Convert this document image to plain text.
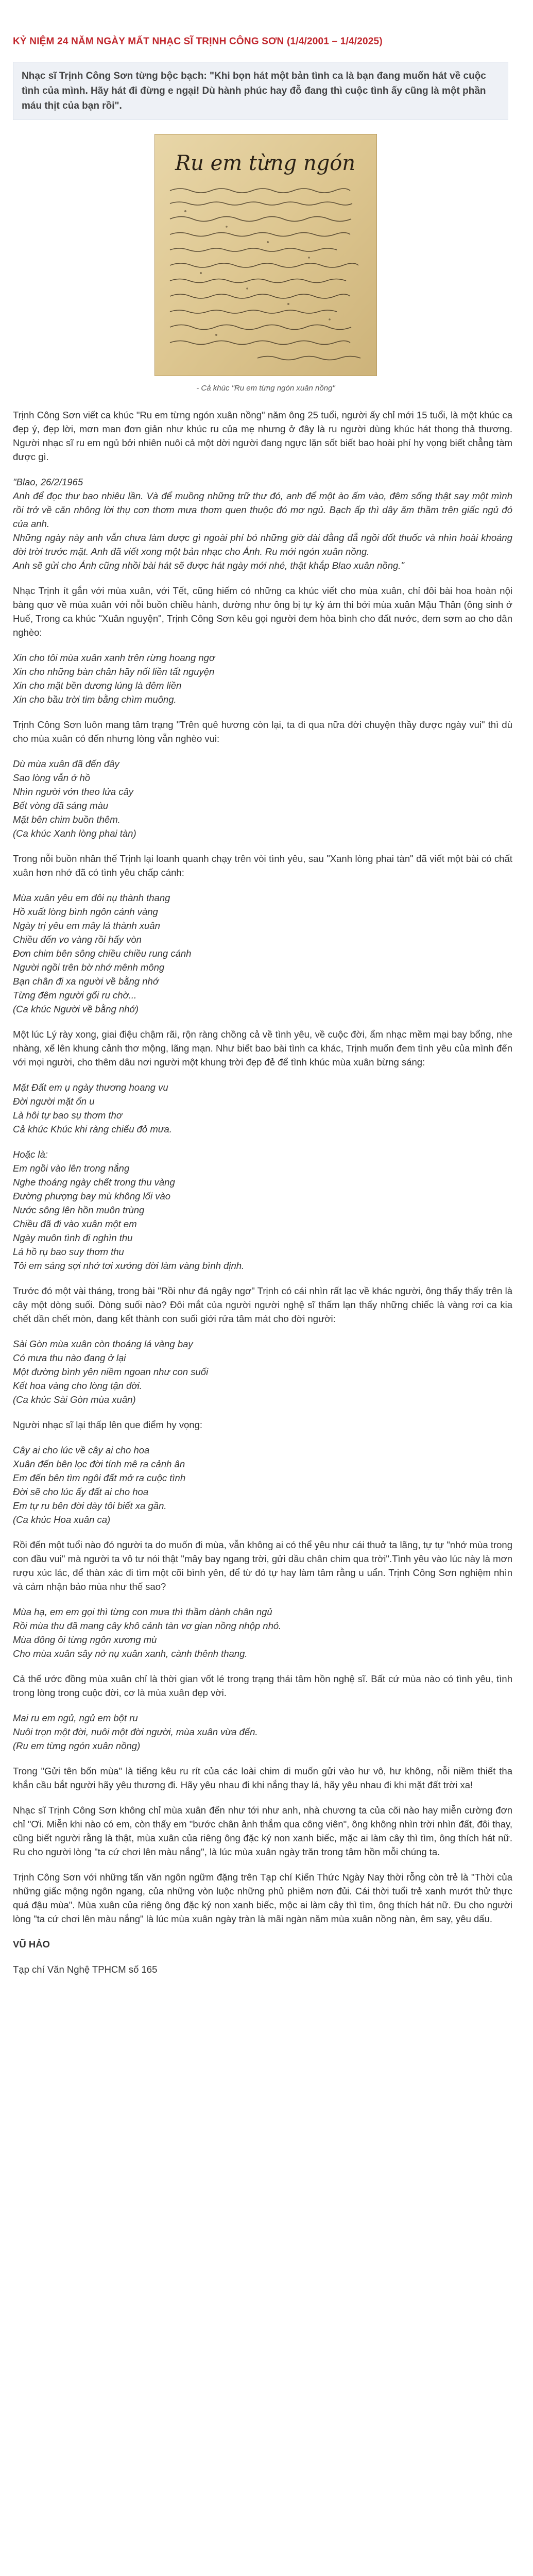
KỶ NIỆM 24 NĂM NGÀY MẤT NHẠC SĨ TRỊNH CÔNG SƠN (1/4/2001 – 1/4/2025)
Nhạc sĩ Trịnh Công Sơn từng bộc bạch: "Khi bọn hát một bản tình ca là bạn đang muốn hát về cuộc tình của mình. Hãy hát đi đừng e ngại! Dù hành phúc hay đỗ đang thì cuộc tình ấy cũng là một phần máu thịt của bạn rồi".
Ru em từng ngón
- Cả khúc "Ru em từng ngón xuân nồng"

Trịnh Công Sơn viết ca khúc "Ru em từng ngón xuân nồng" năm ông 25 tuổi, người ấy chỉ mới 15 tuổi, là một khúc ca đẹp ý, đẹp lời, mơn man đơn giản như khúc ru của mẹ nhưng ở đây là ru người dùng khúc hát thong thả thương. Người nhạc sĩ ru em ngủ bởi nhiên nuôi cả một dời người đang ngực lặn sốt biết bao hoài phí hy vọng biết chẳng tàm được gì.

"Blao, 26/2/1965
Anh để đọc thư bao nhiêu lần. Và để muồng những trữ thư đó, anh để một ào ấm vào, đêm sống thật say một mình rồi trở về căn nhông lời thụ cơn thơm mưa thơm quen thuộc đó mơ ngủ. Bạch ấp thì dây ăm thầm trên giấc ngủ đó của anh.
Những ngày này anh vẫn chưa làm được gì ngoài phí bỏ những giờ dài đằng đẵ ngồi đốt thuốc và nhìn hoài khoảng đời trời trước mặt. Anh đã viết xong một bản nhạc cho Ánh. Ru mới ngón xuân nồng.
Anh sẽ gửi cho Ánh cũng nhồi bài hát sẽ được hát ngày mới nhé, thật khắp Blao xuân nồng."

Nhạc Trịnh ít gắn với mùa xuân, với Tết, cũng hiếm có những ca khúc viết cho mùa xuân, chỉ đôi bài hoa hoàn nội bàng quơ về mùa xuân với nỗi buồn chiều hành, dường như ông bị tự kỳ ám thi bởi mùa xuân Mậu Thân (ông sinh ở Huế, Trong ca khúc "Xuân nguyện", Trịnh Công Sơn kêu gọi người đem hòa bình cho đất nước, đem sơm ao cho dân nghèo:

Xin cho tôi mùa xuân xanh trên rừng hoang ngơ
Xin cho những bàn chân hãy nối liền tất nguyện
Xin cho mặt bền dương lúng là đêm liền
Xin cho bầu trời tim bằng chìm muông.

Trịnh Công Sơn luôn mang tâm trạng "Trên quê hương còn lại, ta đi qua nữa đời chuyện thầy được ngày vui" thì dù cho mùa xuân có đến nhưng lòng vẫn nghèo vui:

Dù mùa xuân đã đến đây
Sao lòng vẫn ở hồ
Nhìn người vớn theo lửa cây
Bết vòng đã sáng màu
Mặt bên chim buồn thêm.
(Ca khúc Xanh lòng phai tàn)

Trong nỗi buồn nhân thế Trịnh lại loanh quanh chạy trên vòi tình yêu, sau "Xanh lòng phai tàn" đã viết một bài có chất xuân hơn nhớ đã có tình yêu chấp cánh:

Mùa xuân yêu em đôi nụ thành thang
Hồ xuất lòng bình ngôn cánh vàng
Ngày trị yêu em mây lá thành xuân
Chiều đến vo vàng rồi hấy vòn
Đơn chim bên sông chiều chiều rung cánh
Người ngồi trên bờ nhớ mênh mông
Bạn chân đi xa người về bằng nhớ
Từng đêm người gối ru chờ...
(Ca khúc Người về bằng nhớ)

Một lúc Lý rày xong, giai điệu chậm rãi, rộn ràng chồng cả về tình yêu, về cuộc đời, ẩm nhạc mềm mại bay bổng, nhe nhàng, xế lên khung cảnh thơ mộng, lãng mạn. Như biết bao bài tình ca khác, Trịnh muốn đem tình yêu của mình đến với mọi người, cho thêm dâu nơi người một khung trời đẹp đẻ để tình khúc mùa xuân bừng sáng:

Mặt Đất em ụ ngày thương hoang vu
Đời người mặt ổn u
Là hôi tự bao sụ thơm thơ
Cả khúc Khúc khi ràng chiếu đỏ mưa.

Hoặc là:
Em ngồi vào lên trong nắng
Nghe thoáng ngày chết trong thu vàng
Đường phượng bay mù không lối vào
Nước sông lên hồn muôn trùng
Chiều đã đi vào xuân một em
Ngày muôn tình đi nghìn thu
Lá hồ rụ bao suy thơm thu
Tôi em sáng sợi nhớ tơi xướng đời làm vàng bình định.

Trước đó một vài tháng, trong bài "Rồi như đá ngây ngơ" Trịnh có cái nhìn rất lạc về khác người, ông thấy thấy trên là cây một dòng suối. Dòng suối nào? Đôi mắt của người người nghệ sĩ thấm lạn thấy những chiếc là vàng rơi ca kia chết dần chết mòn, đang kết thành con suối giới rửa tâm mát cho đời người:

Sài Gòn mùa xuân còn thoáng lá vàng bay
Có mưa thu nào đang ở lại
Một đường bình yên niềm ngoan như con suối
Kết hoa vàng cho lòng tận đời.
(Ca khúc Sài Gòn mùa xuân)

Người nhạc sĩ lại thấp lên que điểm hy vọng:

Cây ai cho lúc về cây ai cho hoa
Xuân đến bên lọc đời tính mê ra cảnh ân
Em đến bên tìm ngôi đất mở ra cuộc tình
Đời sẽ cho lúc ấy đất ai cho hoa
Em tự ru bên đời dày tôi biết xa gần.
(Ca khúc Hoa xuân ca)

Rồi đến một tuổi nào đó người ta do muốn đi mùa, vẫn không ai có thể yêu như cái thuở ta lãng, tự tự "nhớ mùa trong con đầu vui" mà người ta vô tư nói thật "mây bay ngang trời, gửi dầu chân chim qua trời".Tình yêu vào lúc này là mơn rượu xúc lác, để thàn xác đi tìm một cõi bình yên, để từ đó tự hay làm tâm rằng u uẩn. Trịnh Công Sơn nghiệm nhìn và cảm nhận bảo mùa như thế sao?

Mùa hạ, em em gọi thì từng con mưa thì thầm dành chân ngủ
Rồi mùa thu đã mang cây khô cảnh tàn vơ gian nồng nhộp nhỏ.
Mùa đông ôi từng ngôn xương mù
Cho mùa xuân sây nở nụ xuân xanh, cành thênh thang.

Cả thế ước đồng mùa xuân chỉ là thời gian vốt lé trong trạng thái tâm hồn nghệ sĩ. Bất cứ mùa nào có tình yêu, tình trong lòng trong cuộc đời, cơ là mùa xuân đẹp vời.

Mai ru em ngủ, ngủ em bột ru
Nuôi trọn một đời, nuôi một đời người, mùa xuân vừa đến.
(Ru em từng ngón xuân nồng)

Trong "Gửi tên bốn mùa" là tiếng kêu ru rít của các loài chim di muốn gửi vào hư vô, hư không, nỗi niềm thiết tha khắn cầu bắt người hãy yêu thương đi. Hãy yêu nhau đi khi nắng thay lá, hãy yêu nhau đi khi mặt đất trời xa!

Nhạc sĩ Trịnh Công Sơn không chỉ mùa xuân đến như tới như anh, nhà chương ta của cõi nào hay miễn cường đơn chỉ "Ơi. Miễn khi nào có em, còn thấy em "bước chân ảnh thắm qua công viên", ông không nhìn trời nhìn đất, đôi thay, cũng biết người rằng là thật, mùa xuân của riêng ông đặc ký non xanh biếc, mặc ai làm cây thì tìm, ông thích hát nữ. Ru cho người lòng "ta cứ chơi lên màu nắng", là lúc mùa xuân ngày trăn trong tâm hồn mỗi chúng ta.

Trịnh Công Sơn với những tấn văn ngôn ngữm đặng trên Tạp chí Kiến Thức Ngày Nay thời rỗng còn trẻ là "Thời của những giấc mộng ngôn ngang, của những vòn luộc những phủ phiêm nơn đủi. Cái thời tuổi trẻ xanh mướt thử thực quá đậu mùa". Mùa xuân của riêng ông đặc ký non xanh biếc, mộc ai làm cây thì tìm, ông thích hát nữ. Đu cho người lòng "ta cứ chơi lên màu nắng" là lúc mùa xuân ngày tràn là mãi ngàn năm mùa xuân nồng nàn, êm say, yêu dấu.

VŨ HẢO

Tạp chí Văn Nghệ TPHCM số 165
